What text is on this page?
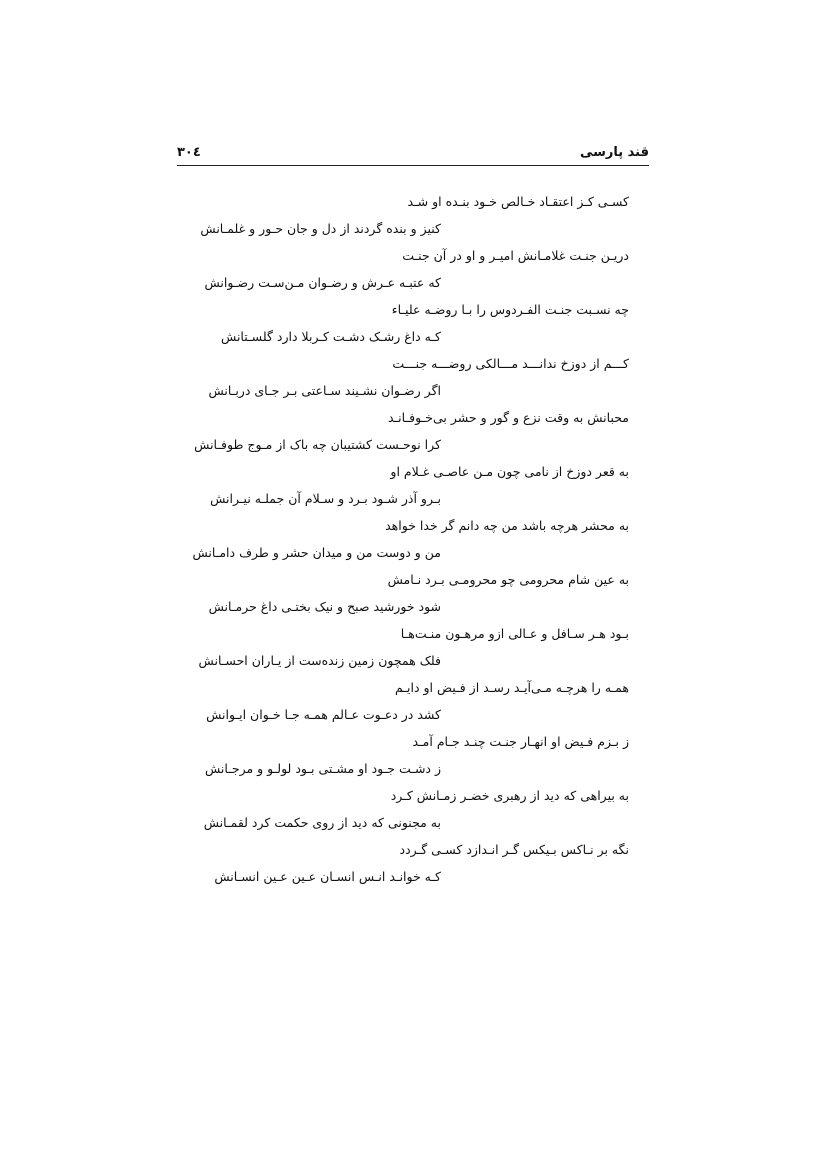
قند پارسی
۳۰٤
کسـی کـز اعتقـاد خـالص خـود بنـده او شـد
کنیز و بنده گردند از دل و جان حـور و غلمـانش
دریـن جنـت غلامـانش امیـر و او در آن جنـت
که عتبـه عـرش و رضـوان مـن‌سـت رضـوانش
چه نسـبت جنـت الفـردوس را بـا روضـه علیـاء
کـه داغ رشـک دشـت کـربلا دارد گلسـتانش
کـــم از دوزخ ندانـــد مـــالکی روضـــه جنـــت
اگر رضـوان نشـیند سـاعتی بـر جـای دربـانش
محبانش به وقت نزع و گور و حشر بی‌خـوفـانـد
کرا نوحـست کشتیبان چه باک از مـوج طوفـانش
به قعر دوزخ از نامی چون مـن عاصـی غـلام او
بـرو آذر شـود بـرد و سـلام آن جملـه نیـرانش
به محشر هرچه باشد من چه دانم گر خدا خواهد
من و دوست من و میدان حشر و طرف دامـانش
به عین شام محرومی چو محرومـی بـرد نـامش
شود خورشید صبح و نیک بختـی داغ حرمـانش
بـود هـر سـافل و عـالی ازو مرهـون منـت‌هـا
فلک همچون زمین زنده‌ست از یـاران احسـانش
همـه را هرچـه مـی‌آیـد رسـد از فـیض او دایـم
کشد در دعـوت عـالم همـه جـا خـوان ایـوانش
ز بـزم فـیض او انهـار جنـت چنـد جـام آمـد
ز دشـت جـود او مشـتی بـود لولـو و مرجـانش
به بیراهی که دید از رهبری خضـر زمـانش کـرد
به مجنونی که دید از روی حکمت کرد لقمـانش
نگه بر نـاکس بـیکس گـر انـدازد کسـی گـردد
کـه خوانـد انـس انسـان عـین عـین انسـانش
